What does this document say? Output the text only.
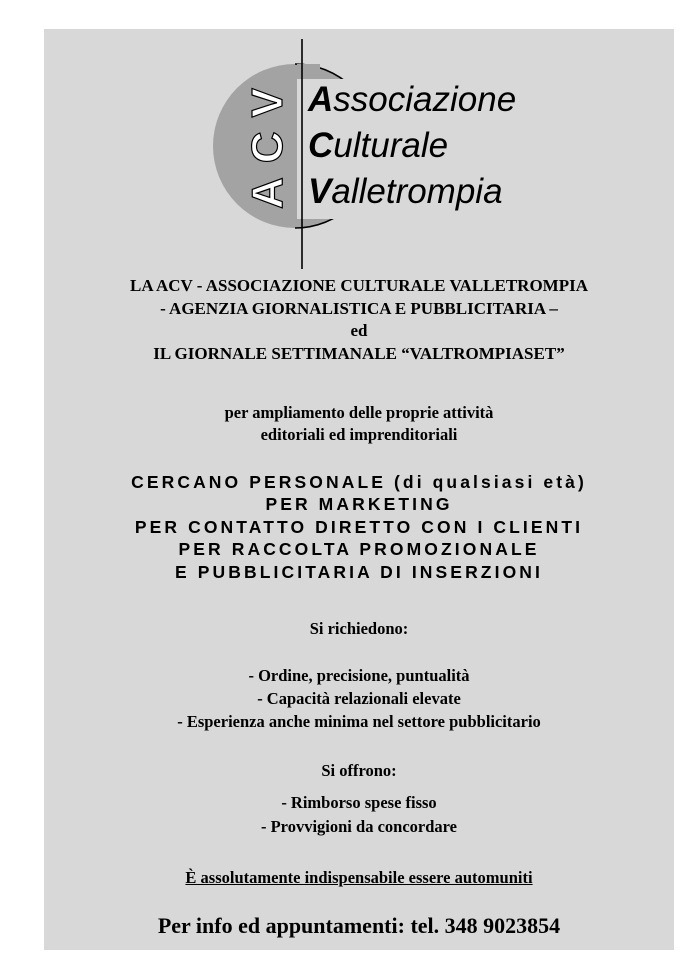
ACV Associazione
Culturale
Valletrompia
LA ACV - ASSOCIAZIONE CULTURALE VALLETROMPIA
- AGENZIA GIORNALISTICA E PUBBLICITARIA –
ed
IL GIORNALE SETTIMANALE “VALTROMPIASET”
per ampliamento delle proprie attività
editoriali ed imprenditoriali
CERCANO PERSONALE (di qualsiasi età)
PER MARKETING
PER CONTATTO DIRETTO CON I CLIENTI
PER RACCOLTA PROMOZIONALE
E PUBBLICITARIA DI INSERZIONI
Si richiedono:
- Ordine, precisione, puntualità
- Capacità relazionali elevate
- Esperienza anche minima nel settore pubblicitario
Si offrono:
- Rimborso spese fisso
- Provvigioni da concordare
È assolutamente indispensabile essere automuniti
Per info ed appuntamenti: tel. 348 9023854
